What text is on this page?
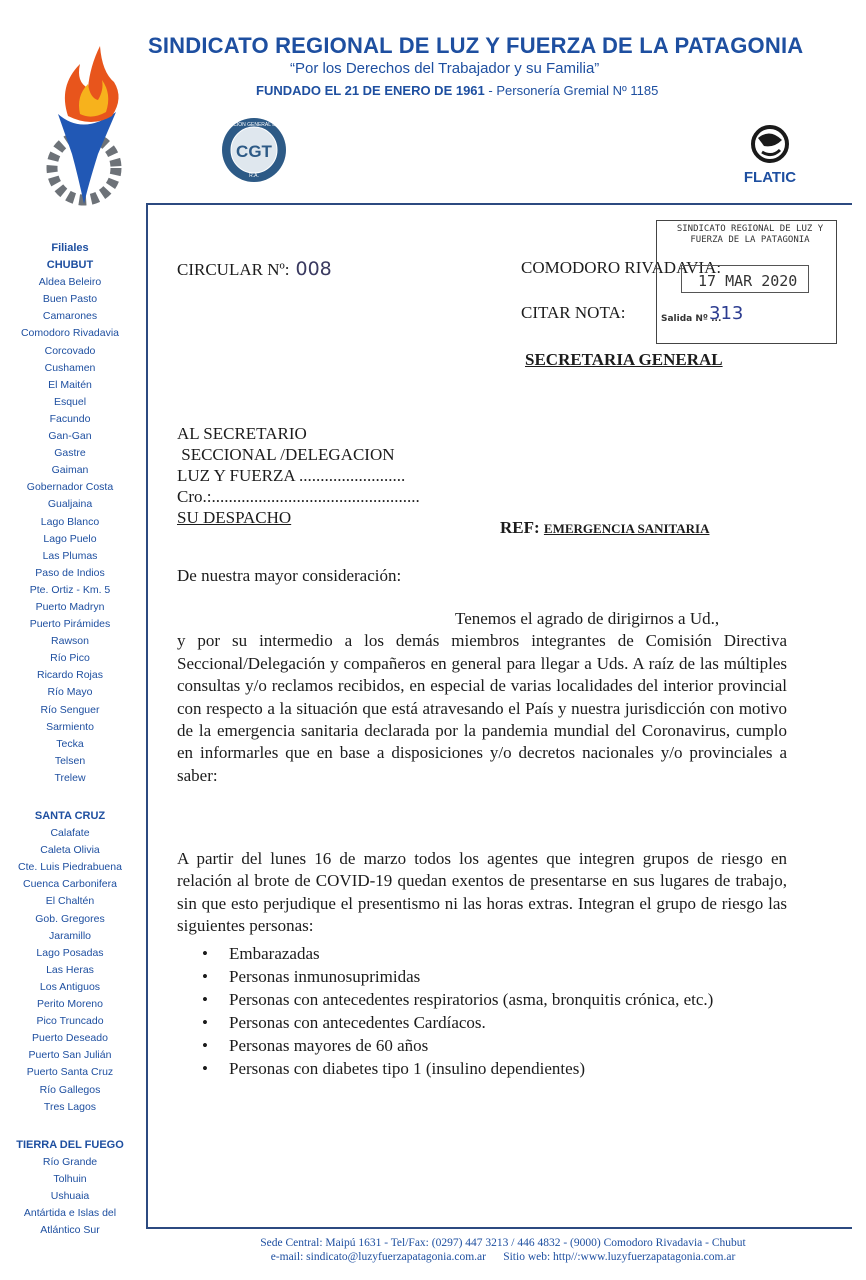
SINDICATO REGIONAL DE LUZ Y FUERZA DE LA PATAGONIA
“Por los Derechos del Trabajador y su Familia”
FUNDADO EL 21 DE ENERO DE 1961 - Personería Gremial Nº 1185
CONFEDERACION GENERAL DEL TRABAJO
CGT
R.A.	FLATIC
Filiales
CHUBUT
Aldea Beleiro
Buen Pasto
Camarones
Comodoro Rivadavia
Corcovado
Cushamen
El Maitén
Esquel
Facundo
Gan-Gan
Gastre
Gaiman
Gobernador Costa
Gualjaina
Lago Blanco
Lago Puelo
Las Plumas
Paso de Indios
Pte. Ortiz - Km. 5
Puerto Madryn
Puerto Pirámides
Rawson
Río Pico
Ricardo Rojas
Río Mayo
Río Senguer
Sarmiento
Tecka
Telsen
Trelew
SANTA CRUZ
Calafate
Caleta Olivia
Cte. Luis Piedrabuena
Cuenca Carbonifera
El Chaltén
Gob. Gregores
Jaramillo
Lago Posadas
Las Heras
Los Antiguos
Perito Moreno
Pico Truncado
Puerto Deseado
Puerto San Julián
Puerto Santa Cruz
Río Gallegos
Tres Lagos
TIERRA DEL FUEGO
Río Grande
Tolhuin
Ushuaia
Antártida e Islas del
Atlántico Sur
CIRCULAR Nº: 008	COMODORO RIVADAVIA:
CITAR NOTA:
SECRETARIA GENERAL
SINDICATO REGIONAL DE LUZ Y
FUERZA DE LA PATAGONIA
17 MAR 2020
Salida Nº ...
313
AL SECRETARIO
SECCIONAL /DELEGACION
LUZ Y FUERZA .........................
Cro.:.................................................
SU DESPACHO
REF: EMERGENCIA SANITARIA
De nuestra mayor consideración:
Tenemos el agrado de dirigirnos a Ud.,
y por su intermedio a los demás miembros integrantes de Comisión Directiva Seccional/Delegación y compañeros en general para llegar a Uds. A raíz de las múltiples consultas y/o reclamos recibidos, en especial de varias localidades del interior provincial con respecto a la situación que está atravesando el País y nuestra jurisdicción con motivo de la emergencia sanitaria declarada por la pandemia mundial del Coronavirus, cumplo en informarles que en base a disposiciones y/o decretos nacionales y/o provinciales a saber:
A partir del lunes 16 de marzo todos los agentes que integren grupos de riesgo en relación al brote de COVID-19 quedan exentos de presentarse en sus lugares de trabajo, sin que esto perjudique el presentismo ni las horas extras. Integran el grupo de riesgo las siguientes personas:
• Embarazadas
• Personas inmunosuprimidas
• Personas con antecedentes respiratorios (asma, bronquitis crónica, etc.)
• Personas con antecedentes Cardíacos.
• Personas mayores de 60 años
• Personas con diabetes tipo 1 (insulino dependientes)
Sede Central: Maipú 1631 - Tel/Fax: (0297) 447 3213 / 446 4832 - (9000) Comodoro Rivadavia - Chubut
e-mail: sindicato@luzyfuerzapatagonia.com.ar      Sitio web: http//:www.luzyfuerzapatagonia.com.ar
